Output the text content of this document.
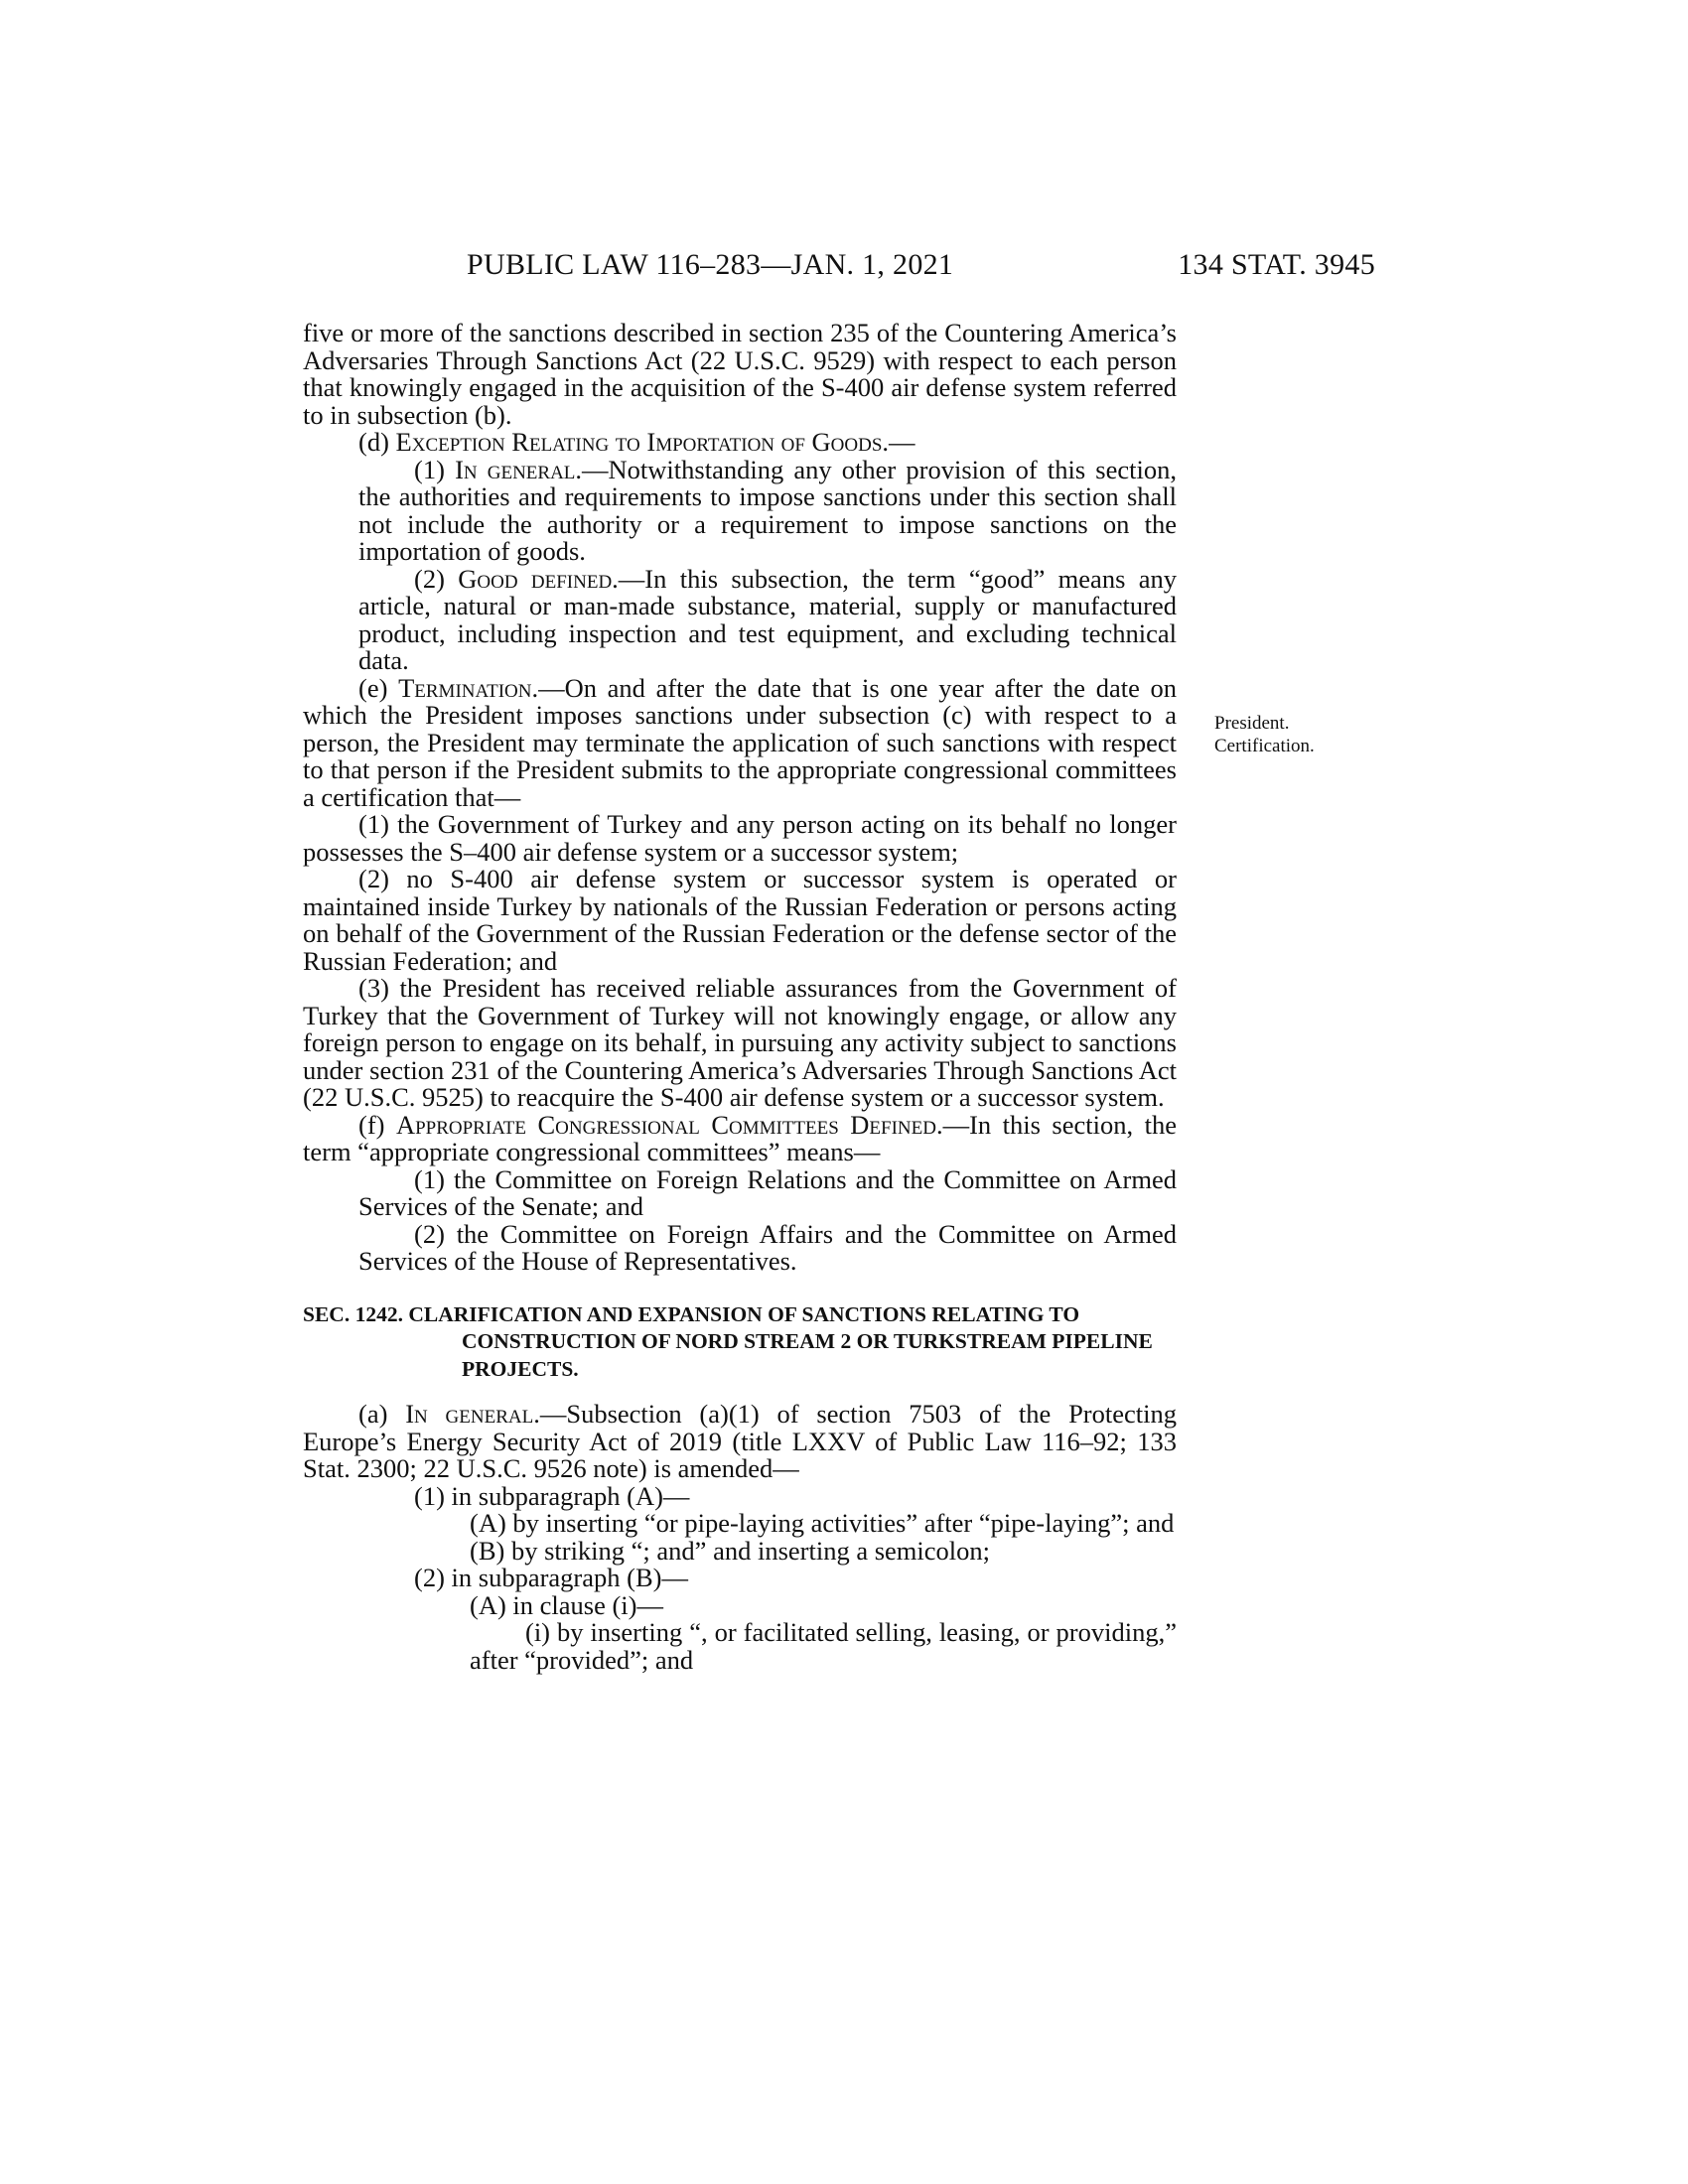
PUBLIC LAW 116–283—JAN. 1, 2021	134 STAT. 3945
President.
Certification.

five or more of the sanctions described in section 235 of the Countering America’s Adversaries Through Sanctions Act (22 U.S.C. 9529) with respect to each person that knowingly engaged in the acquisition of the S-400 air defense system referred to in subsection (b).

(d) Exception Relating to Importation of Goods.—

(1) In general.—Notwithstanding any other provision of this section, the authorities and requirements to impose sanctions under this section shall not include the authority or a requirement to impose sanctions on the importation of goods.

(2) Good defined.—In this subsection, the term “good” means any article, natural or man-made substance, material, supply or manufactured product, including inspection and test equipment, and excluding technical data.

(e) Termination.—On and after the date that is one year after the date on which the President imposes sanctions under subsection (c) with respect to a person, the President may terminate the application of such sanctions with respect to that person if the President submits to the appropriate congressional committees a certification that—

(1) the Government of Turkey and any person acting on its behalf no longer possesses the S–400 air defense system or a successor system;

(2) no S-400 air defense system or successor system is operated or maintained inside Turkey by nationals of the Russian Federation or persons acting on behalf of the Government of the Russian Federation or the defense sector of the Russian Federation; and

(3) the President has received reliable assurances from the Government of Turkey that the Government of Turkey will not knowingly engage, or allow any foreign person to engage on its behalf, in pursuing any activity subject to sanctions under section 231 of the Countering America’s Adversaries Through Sanctions Act (22 U.S.C. 9525) to reacquire the S-400 air defense system or a successor system.

(f) Appropriate Congressional Committees Defined.—In this section, the term “appropriate congressional committees” means—

(1) the Committee on Foreign Relations and the Committee on Armed Services of the Senate; and

(2) the Committee on Foreign Affairs and the Committee on Armed Services of the House of Representatives.

SEC. 1242. CLARIFICATION AND EXPANSION OF SANCTIONS RELATING TO CONSTRUCTION OF NORD STREAM 2 OR TURKSTREAM PIPELINE PROJECTS.

(a) In general.—Subsection (a)(1) of section 7503 of the Protecting Europe’s Energy Security Act of 2019 (title LXXV of Public Law 116–92; 133 Stat. 2300; 22 U.S.C. 9526 note) is amended—

(1) in subparagraph (A)—

(A) by inserting “or pipe-laying activities” after “pipe-laying”; and

(B) by striking “; and” and inserting a semicolon;

(2) in subparagraph (B)—

(A) in clause (i)—

(i) by inserting “, or facilitated selling, leasing, or providing,” after “provided”; and
